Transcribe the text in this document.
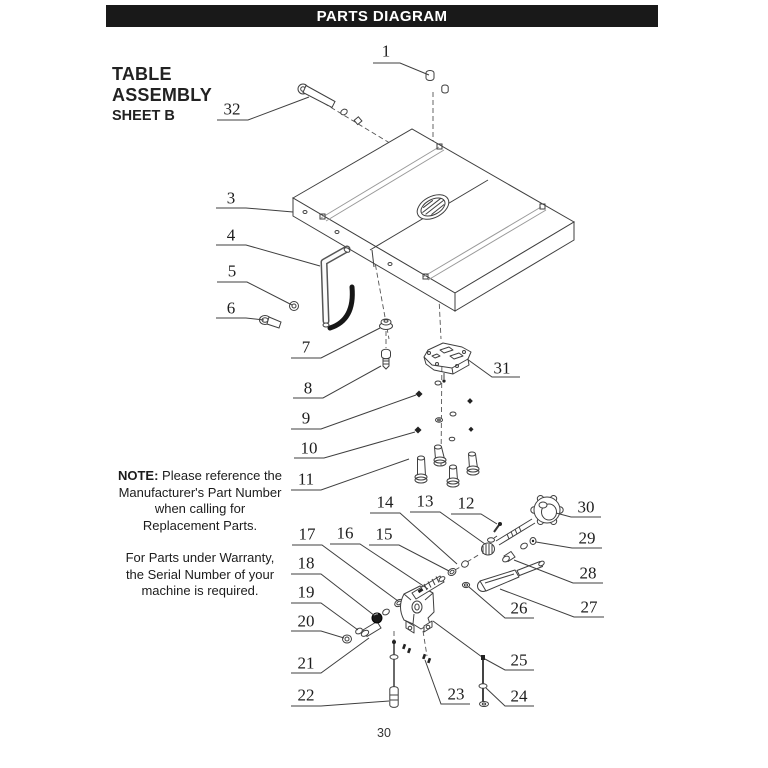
PARTS DIAGRAM
TABLE
ASSEMBLY
SHEET B
NOTE: Please reference the
Manufacturer's Part Number
when calling for
Replacement Parts.
For Parts under Warranty,
the Serial Number of your
machine is required.
30
1
32
3
4
5
6
7
8
9
10
11
31
14 13 12	30
17 16 15	29
18
28
19
26	27
20
25
21
22	23	24
